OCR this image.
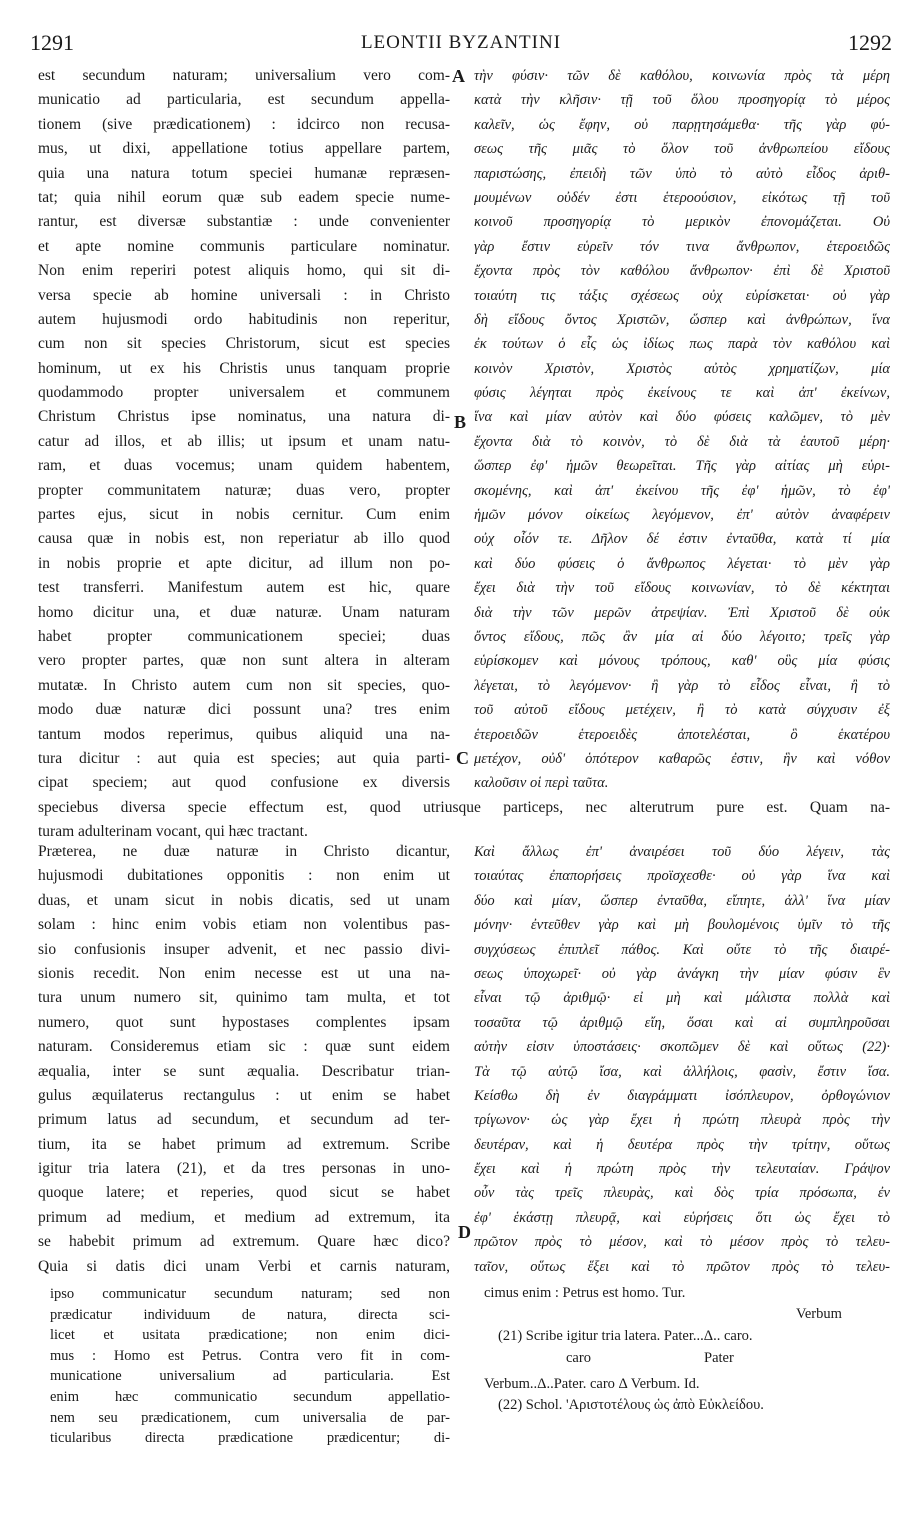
1291	LEONTII BYZANTINI	1292
A
B
C
D
est secundum naturam; universalium vero com-
municatio ad particularia, est secundum appella-
tionem (sive prædicationem) : idcirco non recusa-
mus, ut dixi, appellatione totius appellare partem,
quia una natura totum speciei humanæ repræsen-
tat; quia nihil eorum quæ sub eadem specie nume-
rantur, est diversæ substantiæ : unde convenienter
et apte nomine communis particulare nominatur.
Non enim reperiri potest aliquis homo, qui sit di-
versa specie ab homine universali : in Christo
autem hujusmodi ordo habitudinis non reperitur,
cum non sit species Christorum, sicut est species
hominum, ut ex his Christis unus tanquam proprie
quodammodo propter universalem et communem
Christum Christus ipse nominatus, una natura di-
catur ad illos, et ab illis; ut ipsum et unam natu-
ram, et duas vocemus; unam quidem habentem,
propter communitatem naturæ; duas vero, propter
partes ejus, sicut in nobis cernitur. Cum enim
causa quæ in nobis est, non reperiatur ab illo quod
in nobis proprie et apte dicitur, ad illum non po-
test transferri. Manifestum autem est hic, quare
homo dicitur una, et duæ naturæ. Unam naturam
habet propter communicationem speciei; duas
vero propter partes, quæ non sunt altera in alteram
mutatæ. In Christo autem cum non sit species, quo-
modo duæ naturæ dici possunt una? tres enim
tantum modos reperimus, quibus aliquid una na-
tura dicitur : aut quia est species; aut quia parti-
cipat speciem; aut quod confusione ex diversis
τὴν φύσιν· τῶν δὲ καθόλου, κοινωνία πρὸς τὰ μέρη
κατὰ τὴν κλῆσιν· τῇ τοῦ ὅλου προσηγορίᾳ τὸ μέρος
καλεῖν, ὡς ἔφην, οὐ παρῃτησάμεθα· τῆς γὰρ φύ-
σεως τῆς μιᾶς τὸ ὅλον τοῦ ἀνθρωπείου εἴδους
παριστώσης, ἐπειδὴ τῶν ὑπὸ τὸ αὐτὸ εἶδος ἀριθ-
μουμένων οὐδέν ἐστι ἑτεροούσιον, εἰκότως τῇ τοῦ
κοινοῦ προσηγορίᾳ τὸ μερικὸν ἐπονομάζεται. Οὐ
γὰρ ἔστιν εὑρεῖν τόν τινα ἄνθρωπον, ἑτεροειδῶς
ἔχοντα πρὸς τὸν καθόλου ἄνθρωπον· ἐπὶ δὲ Χριστοῦ
τοιαύτη τις τάξις σχέσεως οὐχ εὑρίσκεται· οὐ γὰρ
δὴ εἴδους ὄντος Χριστῶν, ὥσπερ καὶ ἀνθρώπων, ἵνα
ἐκ τούτων ὁ εἷς ὡς ἰδίως πως παρὰ τὸν καθόλου καὶ
κοινὸν Χριστὸν, Χριστὸς αὐτὸς χρηματίζων, μία
φύσις λέγηται πρὸς ἐκείνους τε καὶ ἀπ' ἐκείνων,
ἵνα καὶ μίαν αὐτὸν καὶ δύο φύσεις καλῶμεν, τὸ μὲν
ἔχοντα διὰ τὸ κοινὸν, τὸ δὲ διὰ τὰ ἑαυτοῦ μέρη·
ὥσπερ ἐφ' ἡμῶν θεωρεῖται. Τῆς γὰρ αἰτίας μὴ εὑρι-
σκομένης, καὶ ἀπ' ἐκείνου τῆς ἐφ' ἡμῶν, τὸ ἐφ'
ἡμῶν μόνον οἰκείως λεγόμενον, ἐπ' αὐτὸν ἀναφέρειν
οὐχ οἷόν τε. Δῆλον δέ ἐστιν ἐνταῦθα, κατὰ τί μία
καὶ δύο φύσεις ὁ ἄνθρωπος λέγεται· τὸ μὲν γὰρ
ἔχει διὰ τὴν τοῦ εἴδους κοινωνίαν, τὸ δὲ κέκτηται
διὰ τὴν τῶν μερῶν ἀτρεψίαν. Ἐπὶ Χριστοῦ δὲ οὐκ
ὄντος εἴδους, πῶς ἂν μία αἱ δύο λέγοιτο; τρεῖς γὰρ
εὑρίσκομεν καὶ μόνους τρόπους, καθ' οὓς μία φύσις
λέγεται, τὸ λεγόμενον· ἢ γὰρ τὸ εἶδος εἶναι, ἢ τὸ
τοῦ αὐτοῦ εἴδους μετέχειν, ἢ τὸ κατὰ σύγχυσιν ἐξ
ἑτεροειδῶν ἑτεροειδὲς ἀποτελέσται, ὃ ἑκατέρου
μετέχον, οὐδ' ὁπότερον καθαρῶς ἐστιν, ἣν καὶ νόθον
καλοῦσιν οἱ περὶ ταῦτα.
speciebus diversa specie effectum est, quod utriusque particeps, nec alterutrum pure est. Quam na-
turam adulterinam vocant, qui hæc tractant.
Præterea, ne duæ naturæ in Christo dicantur,
hujusmodi dubitationes opponitis : non enim ut
duas, et unam sicut in nobis dicatis, sed ut unam
solam : hinc enim vobis etiam non volentibus pas-
sio confusionis insuper advenit, et nec passio divi-
sionis recedit. Non enim necesse est ut una na-
tura unum numero sit, quinimo tam multa, et tot
numero, quot sunt hypostases complentes ipsam
naturam. Consideremus etiam sic : quæ sunt eidem
æqualia, inter se sunt æqualia. Describatur trian-
gulus æquilaterus rectangulus : ut enim se habet
primum latus ad secundum, et secundum ad ter-
tium, ita se habet primum ad extremum. Scribe
igitur tria latera (21), et da tres personas in uno-
quoque latere; et reperies, quod sicut se habet
primum ad medium, et medium ad extremum, ita
se habebit primum ad extremum. Quare hæc dico?
Quia si datis dici unam Verbi et carnis naturam,
Καὶ ἄλλως ἐπ' ἀναιρέσει τοῦ δύο λέγειν, τὰς
τοιαύτας ἐπαπορήσεις προϊσχεσθε· οὐ γὰρ ἵνα καὶ
δύο καὶ μίαν, ὥσπερ ἐνταῦθα, εἴπητε, ἀλλ' ἵνα μίαν
μόνην· ἐντεῦθεν γὰρ καὶ μὴ βουλομένοις ὑμῖν τὸ τῆς
συγχύσεως ἐπιπλεῖ πάθος. Καὶ οὔτε τὸ τῆς διαιρέ-
σεως ὑποχωρεῖ· οὐ γὰρ ἀνάγκη τὴν μίαν φύσιν ἓν
εἶναι τῷ ἀριθμῷ· εἰ μὴ καὶ μάλιστα πολλὰ καὶ
τοσαῦτα τῷ ἀριθμῷ εἴη, ὅσαι καὶ αἱ συμπληροῦσαι
αὐτὴν εἰσιν ὑποστάσεις· σκοπῶμεν δὲ καὶ οὕτως (22)·
Τὰ τῷ αὐτῷ ἴσα, καὶ ἀλλήλοις, φασὶν, ἔστιν ἴσα.
Κείσθω δὴ ἐν διαγράμματι ἰσόπλευρον, ὀρθογώνιον
τρίγωνον· ὡς γὰρ ἔχει ἡ πρώτη πλευρὰ πρὸς τὴν
δευτέραν, καὶ ἡ δευτέρα πρὸς τὴν τρίτην, οὕτως
ἔχει καὶ ἡ πρώτη πρὸς τὴν τελευταίαν. Γράψον
οὖν τὰς τρεῖς πλευρὰς, καὶ δὸς τρία πρόσωπα, ἐν
ἐφ' ἑκάστῃ πλευρᾷ, καὶ εὑρήσεις ὅτι ὡς ἔχει τὸ
πρῶτον πρὸς τὸ μέσον, καὶ τὸ μέσον πρὸς τὸ τελευ-
ταῖον, οὕτως ἕξει καὶ τὸ πρῶτον πρὸς τὸ τελευ-
ipso communicatur secundum naturam; sed non
prædicatur individuum de natura, directa sci-
licet et usitata prædicatione; non enim dici-
mus : Homo est Petrus. Contra vero fit in com-
municatione universalium ad particularia. Est
enim hæc communicatio secundum appellatio-
nem seu prædicationem, cum universalia de par-
ticularibus directa prædicatione prædicentur; di-
cimus enim : Petrus est homo. Tur.
Verbum
(21) Scribe igitur tria latera. Pater...Δ.. caro.
caro	Pater
Verbum..Δ..Pater. caro Δ Verbum. Id.
(22) Schol. 'Αριστοτέλους ὡς ἀπὸ Εὐκλείδου.
